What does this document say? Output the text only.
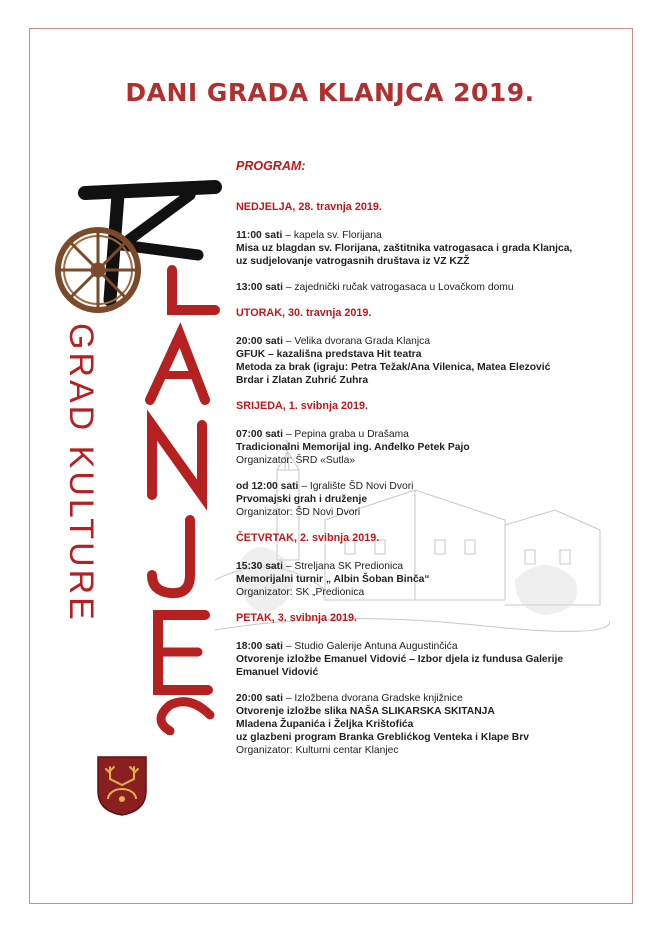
DANI GRADA KLANJCA 2019.
GRAD KULTURE
PROGRAM:
NEDJELJA, 28. travnja 2019.
11:00 sati – kapela sv. Florijana
Misa uz blagdan sv. Florijana, zaštitnika vatrogasaca i grada Klanjca,
uz sudjelovanje vatrogasnih društava iz VZ KZŽ
13:00 sati – zajednički ručak vatrogasaca u Lovačkom domu
UTORAK, 30. travnja 2019.
20:00 sati – Velika dvorana Grada Klanjca
GFUK – kazališna predstava Hit teatra
Metoda za brak (igraju: Petra Težak/Ana Vilenica, Matea Elezović
Brdar i Zlatan Zuhrić Zuhra
SRIJEDA, 1. svibnja 2019.
07:00 sati – Pepina graba u Drašama
Tradicionalni Memorijal ing. Anđelko Petek Pajo
Organizator: ŠRD «Sutla»
od 12:00 sati – Igralište ŠD Novi Dvori
Prvomajski grah i druženje
Organizator: ŠD Novi Dvori
ČETVRTAK, 2. svibnja 2019.
15:30 sati – Streljana SK Predionica
Memorijalni turnir „ Albin Šoban Binča“
Organizator: SK „Predionica
PETAK, 3. svibnja 2019.
18:00 sati – Studio Galerije Antuna Augustinčića
Otvorenje izložbe Emanuel Vidović – Izbor djela iz fundusa Galerije
Emanuel Vidović
20:00 sati – Izložbena dvorana Gradske knjižnice
Otvorenje izložbe slika NAŠA SLIKARSKA SKITANJA
Mladena Županića i Željka Krištofića
uz glazbeni program Branka Greblićkog Venteka i Klape Brv
Organizator: Kulturni centar Klanjec
